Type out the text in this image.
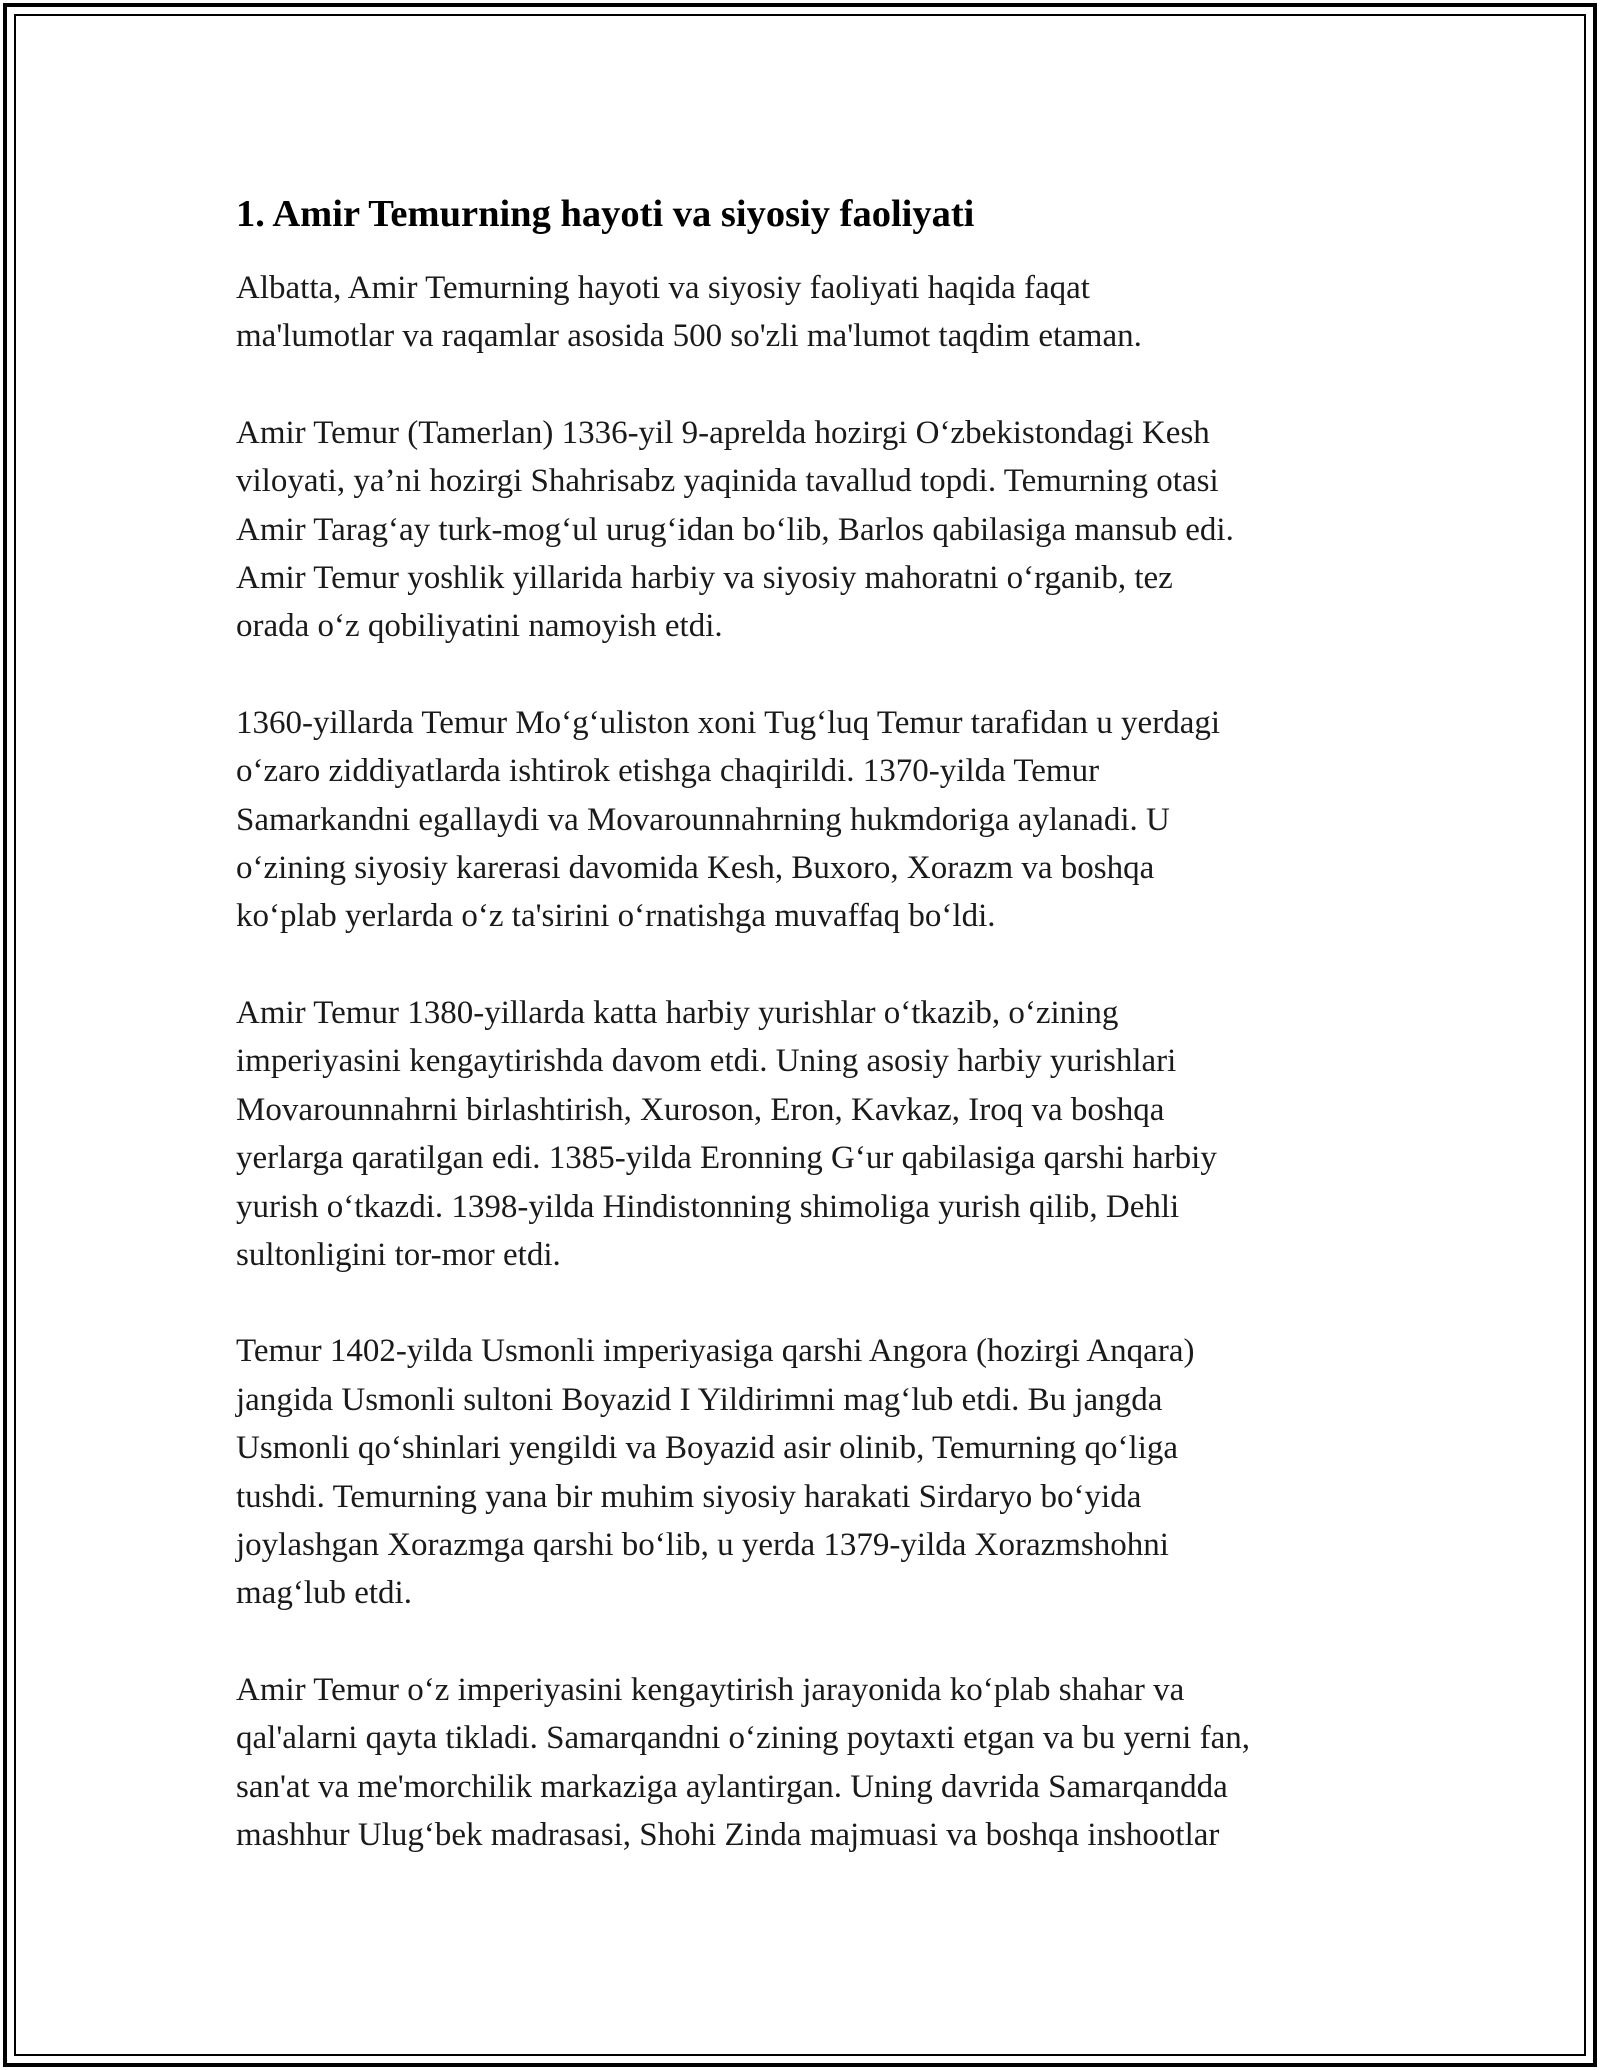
1. Amir Temurning hayoti va siyosiy faoliyati

Albatta, Amir Temurning hayoti va siyosiy faoliyati haqida faqat
ma'lumotlar va raqamlar asosida 500 so'zli ma'lumot taqdim etaman.

Amir Temur (Tamerlan) 1336-yil 9-aprelda hozirgi O‘zbekistondagi Kesh
viloyati, ya’ni hozirgi Shahrisabz yaqinida tavallud topdi. Temurning otasi
Amir Tarag‘ay turk-mog‘ul urug‘idan bo‘lib, Barlos qabilasiga mansub edi.
Amir Temur yoshlik yillarida harbiy va siyosiy mahoratni o‘rganib, tez
orada o‘z qobiliyatini namoyish etdi.

1360-yillarda Temur Mo‘g‘uliston xoni Tug‘luq Temur tarafidan u yerdagi
o‘zaro ziddiyatlarda ishtirok etishga chaqirildi. 1370-yilda Temur
Samarkandni egallaydi va Movarounnahrning hukmdoriga aylanadi. U
o‘zining siyosiy karerasi davomida Kesh, Buxoro, Xorazm va boshqa
ko‘plab yerlarda o‘z ta'sirini o‘rnatishga muvaffaq bo‘ldi.

Amir Temur 1380-yillarda katta harbiy yurishlar o‘tkazib, o‘zining
imperiyasini kengaytirishda davom etdi. Uning asosiy harbiy yurishlari
Movarounnahrni birlashtirish, Xuroson, Eron, Kavkaz, Iroq va boshqa
yerlarga qaratilgan edi. 1385-yilda Eronning G‘ur qabilasiga qarshi harbiy
yurish o‘tkazdi. 1398-yilda Hindistonning shimoliga yurish qilib, Dehli
sultonligini tor-mor etdi.

Temur 1402-yilda Usmonli imperiyasiga qarshi Angora (hozirgi Anqara)
jangida Usmonli sultoni Boyazid I Yildirimni mag‘lub etdi. Bu jangda
Usmonli qo‘shinlari yengildi va Boyazid asir olinib, Temurning qo‘liga
tushdi. Temurning yana bir muhim siyosiy harakati Sirdaryo bo‘yida
joylashgan Xorazmga qarshi bo‘lib, u yerda 1379-yilda Xorazmshohni
mag‘lub etdi.

Amir Temur o‘z imperiyasini kengaytirish jarayonida ko‘plab shahar va
qal'alarni qayta tikladi. Samarqandni o‘zining poytaxti etgan va bu yerni fan,
san'at va me'morchilik markaziga aylantirgan. Uning davrida Samarqandda
mashhur Ulug‘bek madrasasi, Shohi Zinda majmuasi va boshqa inshootlar
